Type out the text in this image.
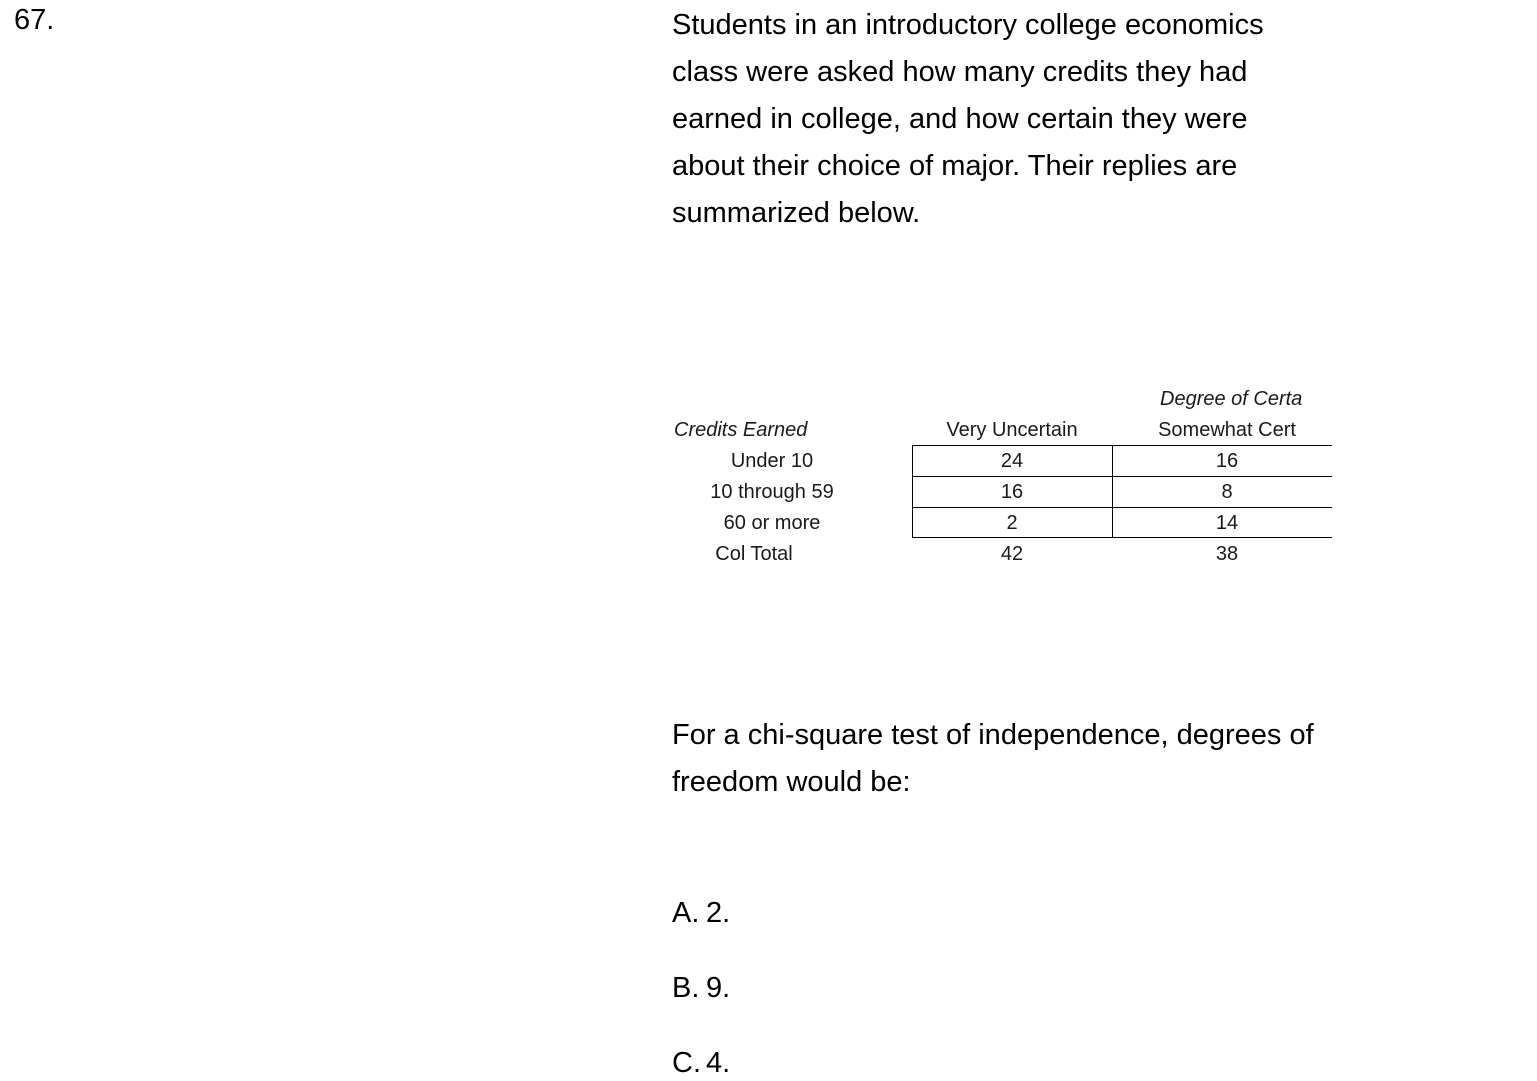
67.	Students in an introductory college economics class were asked how many credits they had earned in college, and how certain they were about their choice of major. Their replies are summarized below.
Degree of Certa
Credits Earned	Very Uncertain	Somewhat Cert
Under 10	24	16
10 through 59	16	8
60 or more	2	14
Col Total	42	38
For a chi-square test of independence, degrees of freedom would be:
A. 2.
B. 9.
C. 4.
